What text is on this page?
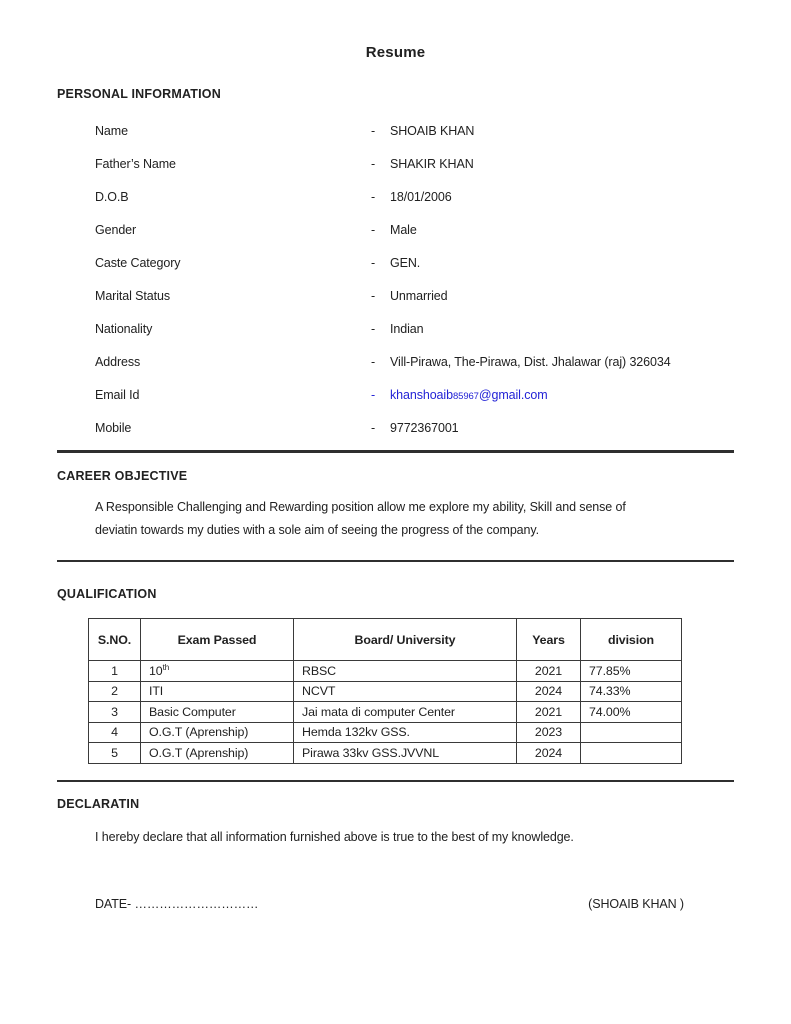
Resume
PERSONAL INFORMATION
Name	-	SHOAIB KHAN
Father’s Name	-	SHAKIR KHAN
D.O.B	-	18/01/2006
Gender	-	Male
Caste Category	-	GEN.
Marital Status	-	Unmarried
Nationality	-	Indian
Address	-	Vill-Pirawa, The-Pirawa, Dist. Jhalawar (raj) 326034
Email Id	-	khanshoaib85967@gmail.com
Mobile	-	9772367001
CAREER OBJECTIVE

A Responsible Challenging and Rewarding position allow me explore my ability, Skill and sense of
deviatin towards my duties with a sole aim of seeing the progress of the company.

QUALIFICATION
S.NO.	Exam Passed	Board/ University	Years	division
1	10th	RBSC	2021	77.85%
2	ITI	NCVT	2024	74.33%
3	Basic Computer	Jai mata di computer Center	2021	74.00%
4	O.G.T (Aprenship)	Hemda 132kv GSS.	2023	
5	O.G.T (Aprenship)	Pirawa 33kv GSS.JVVNL	2024	
DECLARATIN

I hereby declare that all information furnished above is true to the best of my knowledge.

DATE- …………………………	(SHOAIB KHAN )
